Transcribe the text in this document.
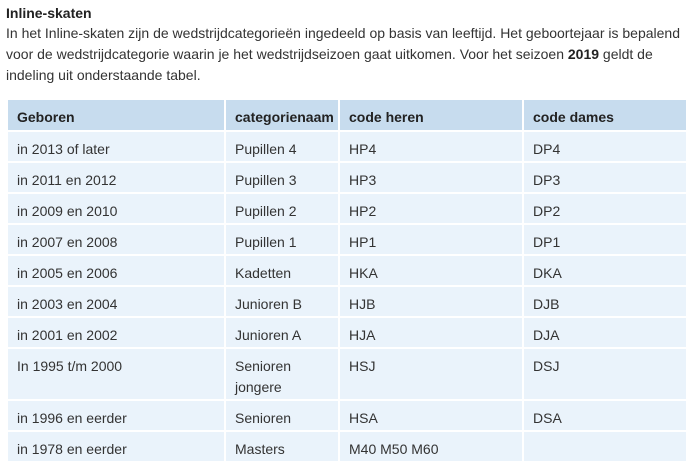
Inline-skaten
In het Inline-skaten zijn de wedstrijdcategorieën ingedeeld op basis van leeftijd. Het geboortejaar is bepalend voor de wedstrijdcategorie waarin je het wedstrijdseizoen gaat uitkomen. Voor het seizoen 2019 geldt de indeling uit onderstaande tabel.
Geboren	categorienaam	code heren	code dames
in 2013 of later	Pupillen 4	HP4	DP4
in 2011 en 2012	Pupillen 3	HP3	DP3
in 2009 en 2010	Pupillen 2	HP2	DP2
in 2007 en 2008	Pupillen 1	HP1	DP1
in 2005 en 2006	Kadetten	HKA	DKA
in 2003 en 2004	Junioren B	HJB	DJB
in 2001 en 2002	Junioren A	HJA	DJA
In 1995 t/m 2000	Senioren jongere	HSJ	DSJ
in 1996 en eerder	Senioren	HSA	DSA
in 1978 en eerder	Masters	M40 M50 M60	
